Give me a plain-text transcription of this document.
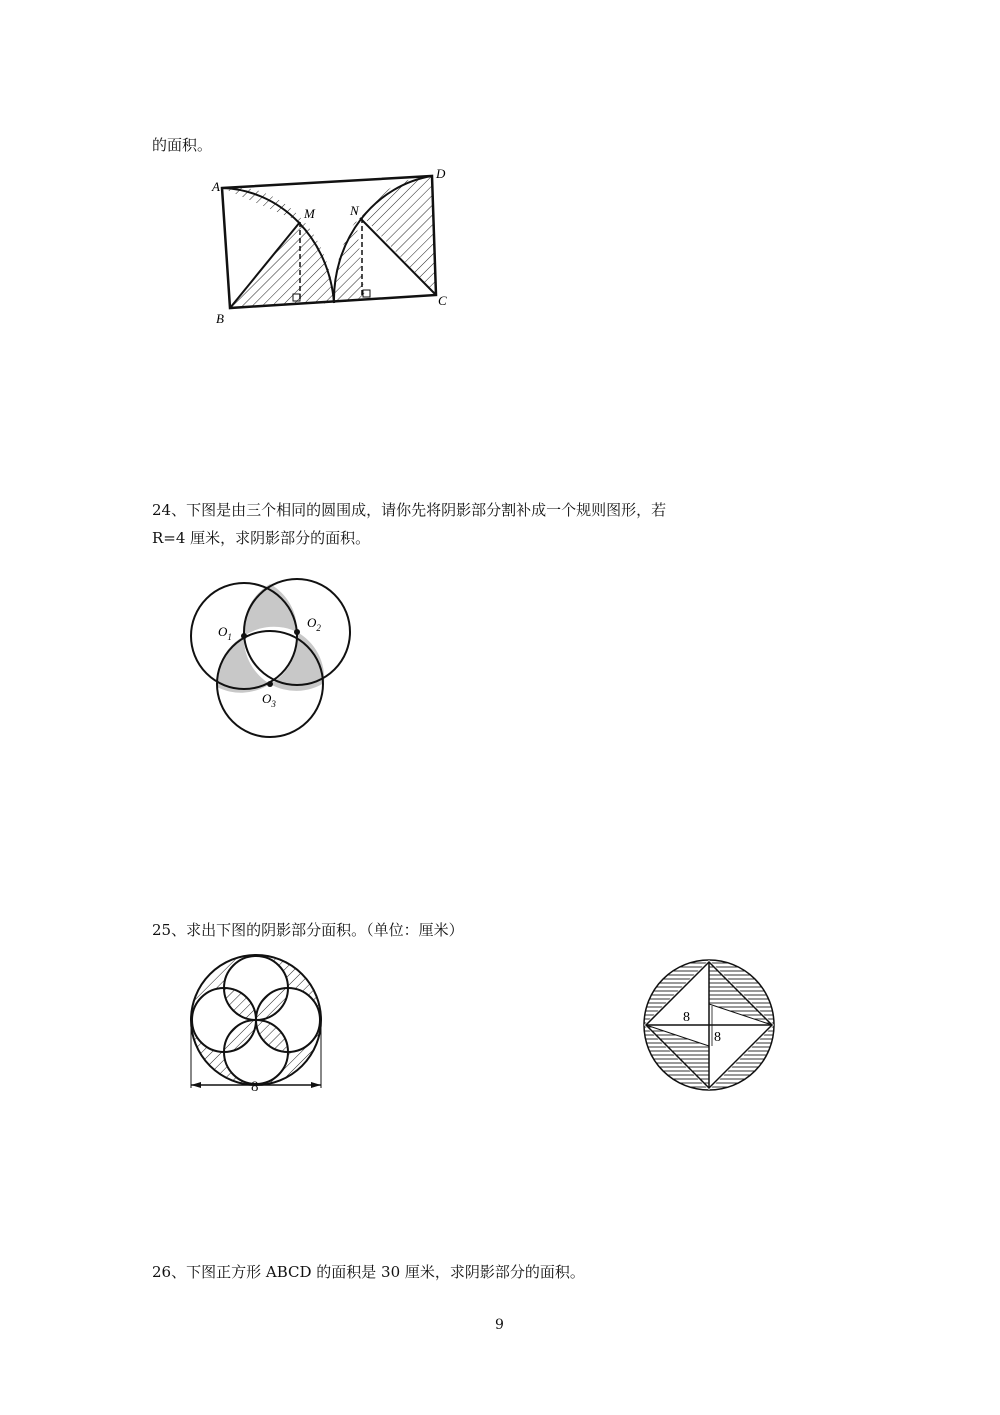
的面积。
A
B
C
D
M	N
24、下图是由三个相同的圆围成，请你先将阴影部分割补成一个规则图形，若
R=4 厘米，求阴影部分的面积。
$O_1$
$O_2$
$O_3$
25、求出下图的阴影部分面积。（单位：厘米）
8
8
8
26、下图正方形 ABCD 的面积是 30 厘米，求阴影部分的面积。
9
